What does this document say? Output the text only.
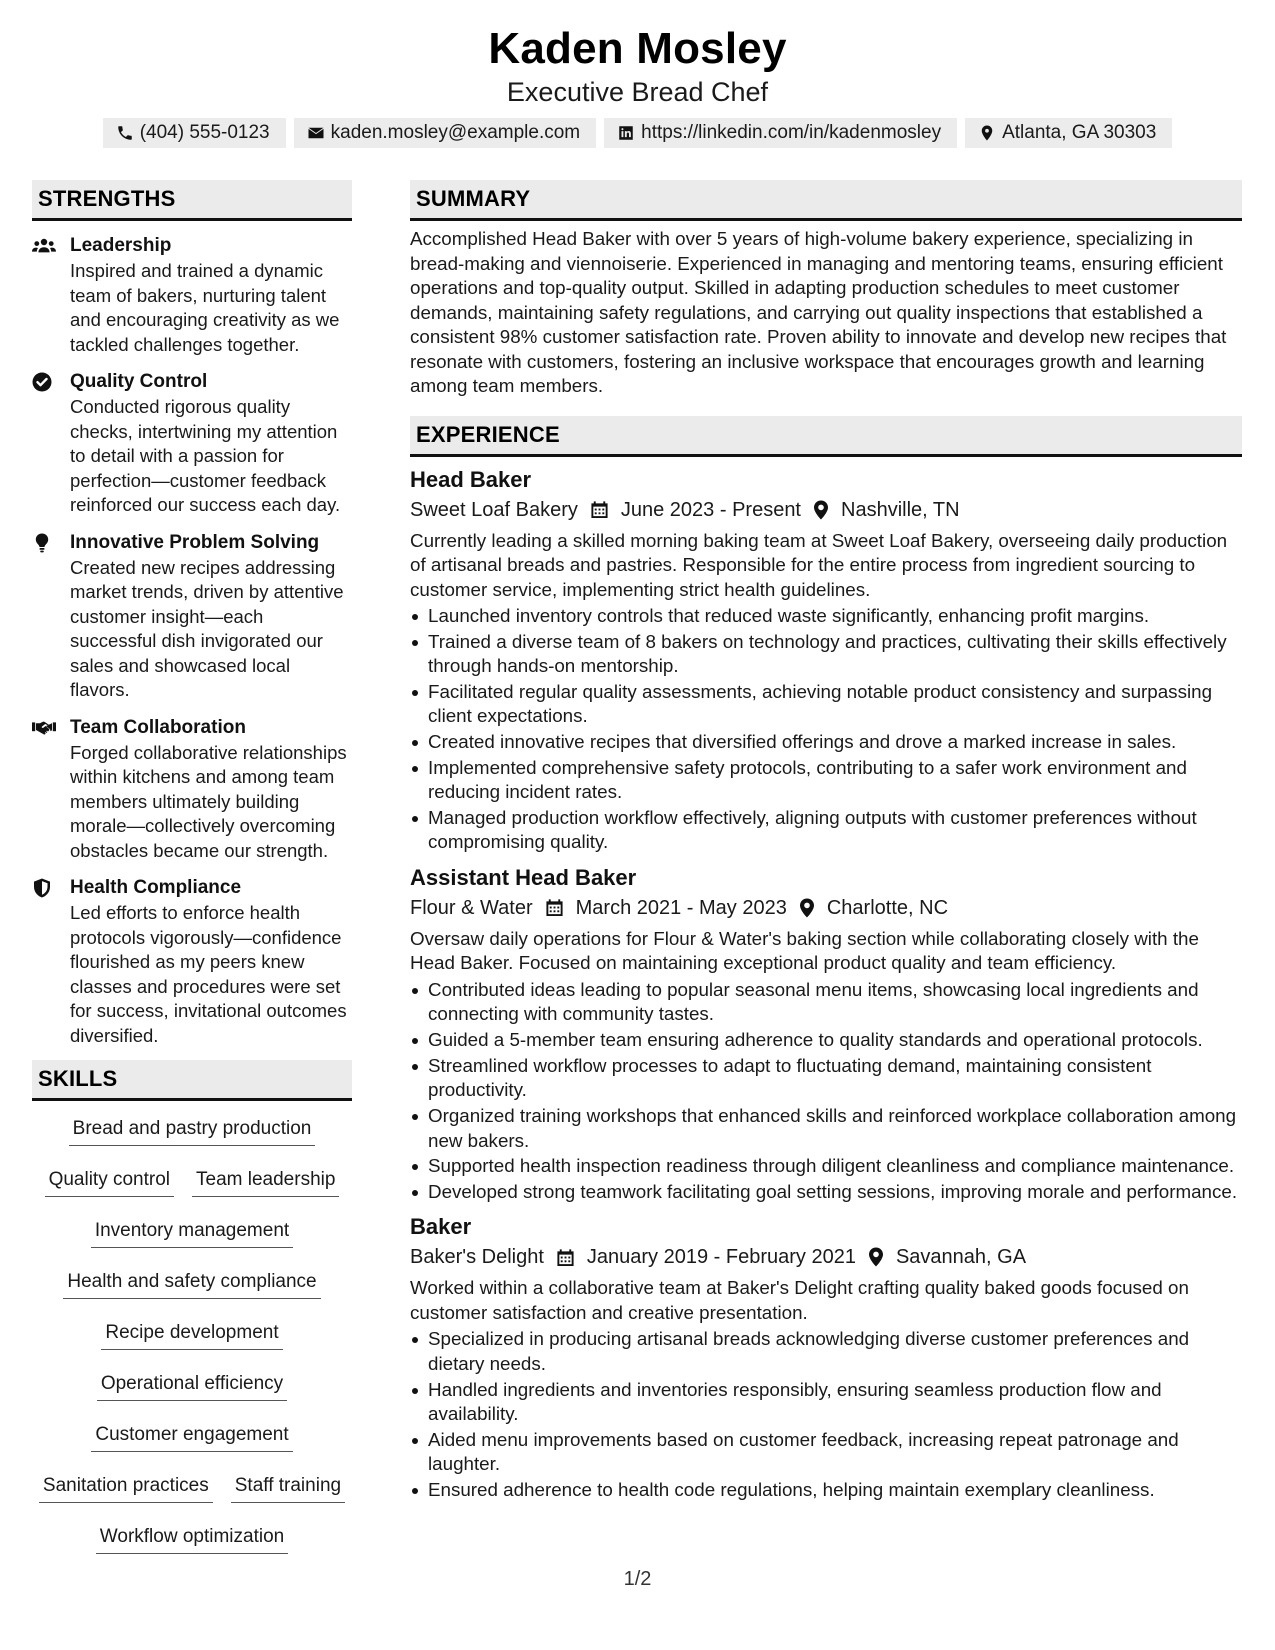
Kaden Mosley
Executive Bread Chef
(404) 555-0123	kaden.mosley@example.com	https://linkedin.com/in/kadenmosley	Atlanta, GA 30303
STRENGTHS
Leadership
Inspired and trained a dynamic team of bakers, nurturing talent and encouraging creativity as we tackled challenges together.
Quality Control
Conducted rigorous quality checks, intertwining my attention to detail with a passion for perfection—customer feedback reinforced our success each day.
Innovative Problem Solving
Created new recipes addressing market trends, driven by attentive customer insight—each successful dish invigorated our sales and showcased local flavors.
Team Collaboration
Forged collaborative relationships within kitchens and among team members ultimately building morale—collectively overcoming obstacles became our strength.
Health Compliance
Led efforts to enforce health protocols vigorously—confidence flourished as my peers knew classes and procedures were set for success, invitational outcomes diversified.
SKILLS
Bread and pastry production
Quality control Team leadership
Inventory management
Health and safety compliance
Recipe development
Operational efficiency
Customer engagement
Sanitation practices Staff training
Workflow optimization
SUMMARY
Accomplished Head Baker with over 5 years of high-volume bakery experience, specializing in bread-making and viennoiserie. Experienced in managing and mentoring teams, ensuring efficient operations and top-quality output. Skilled in adapting production schedules to meet customer demands, maintaining safety regulations, and carrying out quality inspections that established a consistent 98% customer satisfaction rate. Proven ability to innovate and develop new recipes that resonate with customers, fostering an inclusive workspace that encourages growth and learning among team members.
EXPERIENCE
Head Baker
Sweet Loaf Bakery June 2023 - Present Nashville, TN
Currently leading a skilled morning baking team at Sweet Loaf Bakery, overseeing daily production of artisanal breads and pastries. Responsible for the entire process from ingredient sourcing to customer service, implementing strict health guidelines.
Launched inventory controls that reduced waste significantly, enhancing profit margins.
Trained a diverse team of 8 bakers on technology and practices, cultivating their skills effectively through hands-on mentorship.
Facilitated regular quality assessments, achieving notable product consistency and surpassing client expectations.
Created innovative recipes that diversified offerings and drove a marked increase in sales.
Implemented comprehensive safety protocols, contributing to a safer work environment and reducing incident rates.
Managed production workflow effectively, aligning outputs with customer preferences without compromising quality.
Assistant Head Baker
Flour & Water March 2021 - May 2023 Charlotte, NC
Oversaw daily operations for Flour & Water's baking section while collaborating closely with the Head Baker. Focused on maintaining exceptional product quality and team efficiency.
Contributed ideas leading to popular seasonal menu items, showcasing local ingredients and connecting with community tastes.
Guided a 5-member team ensuring adherence to quality standards and operational protocols.
Streamlined workflow processes to adapt to fluctuating demand, maintaining consistent productivity.
Organized training workshops that enhanced skills and reinforced workplace collaboration among new bakers.
Supported health inspection readiness through diligent cleanliness and compliance maintenance.
Developed strong teamwork facilitating goal setting sessions, improving morale and performance.
Baker
Baker's Delight January 2019 - February 2021 Savannah, GA
Worked within a collaborative team at Baker's Delight crafting quality baked goods focused on customer satisfaction and creative presentation.
Specialized in producing artisanal breads acknowledging diverse customer preferences and dietary needs.
Handled ingredients and inventories responsibly, ensuring seamless production flow and availability.
Aided menu improvements based on customer feedback, increasing repeat patronage and laughter.
Ensured adherence to health code regulations, helping maintain exemplary cleanliness.
1/2
